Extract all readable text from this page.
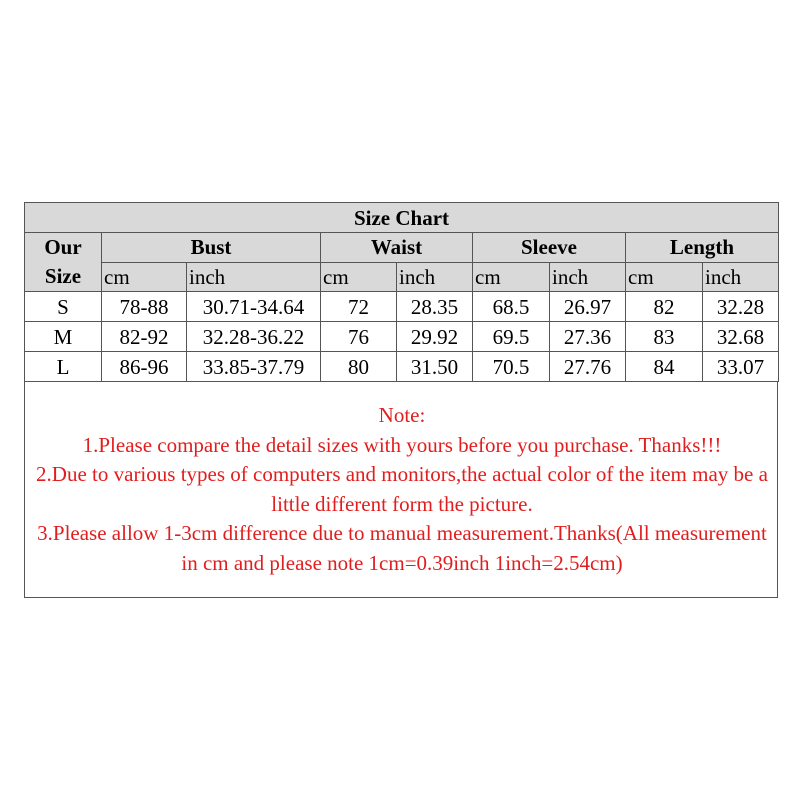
Size Chart								
Our
Size	Bust		Waist		Sleeve		Length	
	cm	inch	cm	inch	cm	inch	cm	inch
S	78-88	30.71-34.64	72	28.35	68.5	26.97	82	32.28
M	82-92	32.28-36.22	76	29.92	69.5	27.36	83	32.68
L	86-96	33.85-37.79	80	31.50	70.5	27.76	84	33.07
Note:
1.Please compare the detail sizes with yours before you purchase. Thanks!!!
2.Due to various types of computers and monitors,the actual color of the item may be a little different form the picture.
3.Please allow 1-3cm difference due to manual measurement.Thanks(All measurement in cm and please note 1cm=0.39inch 1inch=2.54cm)
